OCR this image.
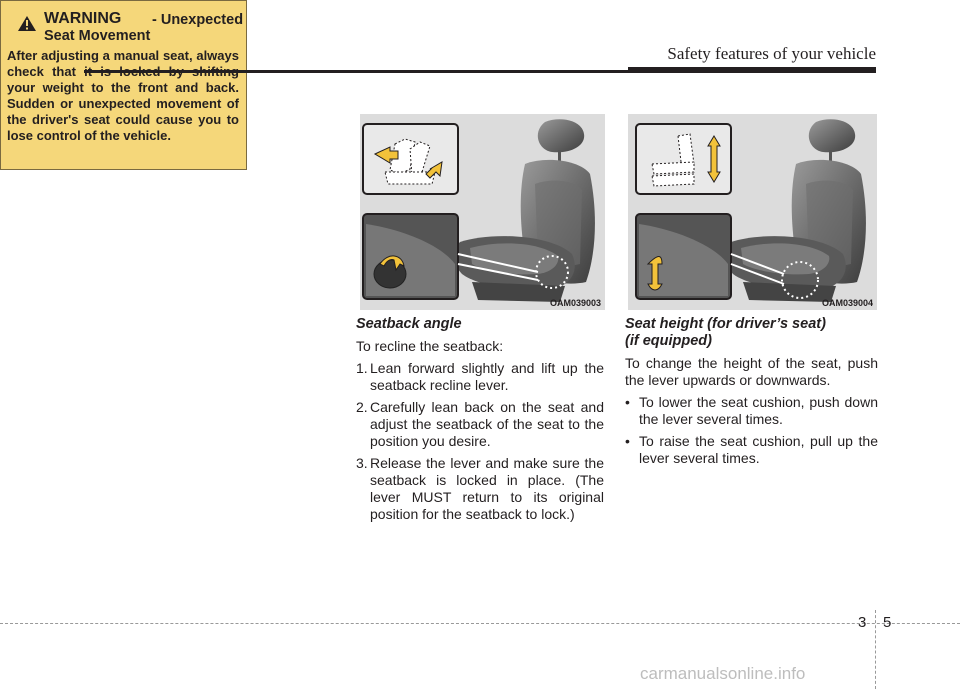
Safety features of your vehicle
WARNING - Unexpected
Seat Movement
After adjusting a manual seat, always check that it is locked by shifting your weight to the front and back. Sudden or unexpected movement of the driver's seat could cause you to lose control of the vehicle.
OAM039003	OAM039004
Seatback angle
To recline the seatback:
1. Lean forward slightly and lift up the seatback recline lever.
2. Carefully lean back on the seat and adjust the seatback of the seat to the position you desire.
3. Release the lever and make sure the seatback is locked in place. (The lever MUST return to its original position for the seatback to lock.)
Seat height (for driver’s seat)
(if equipped)
To change the height of the seat, push the lever upwards or downwards.
• To lower the seat cushion, push down the lever several times.
• To raise the seat cushion, pull up the lever several times.
3 5
carmanualsonline.info
